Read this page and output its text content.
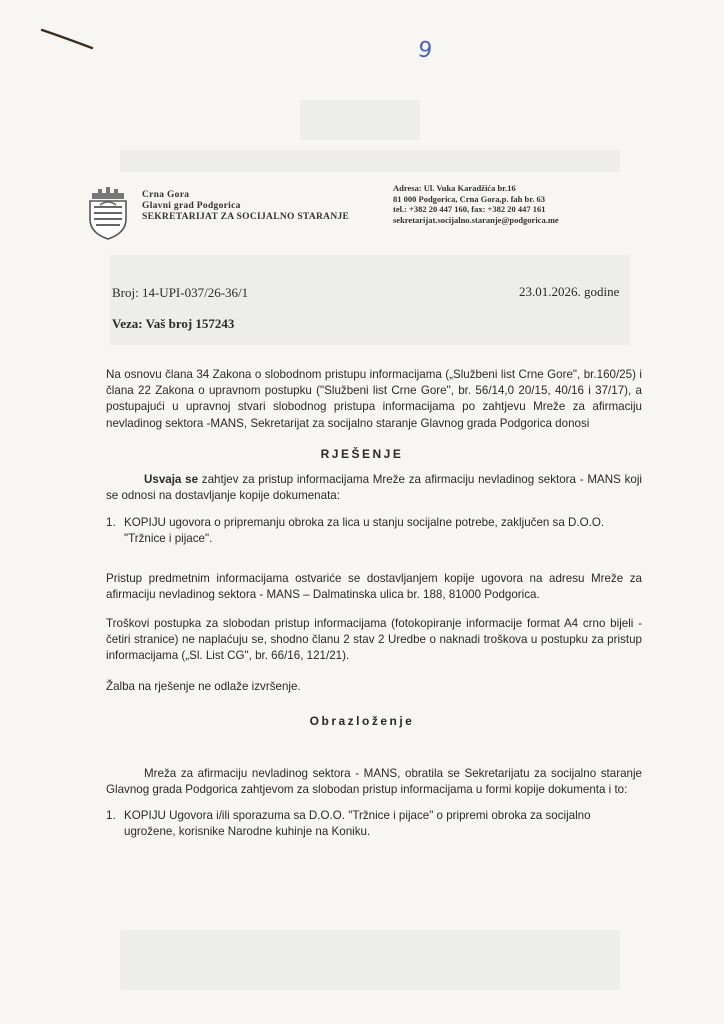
9
Crna Gora
Glavni grad Podgorica
SEKRETARIJAT ZA SOCIJALNO STARANJE
Adresa: Ul. Vuka Karadžića br.16
81 000 Podgorica, Crna Gora,p. fah br. 63
tel.: +382 20 447 160, fax: +382 20 447 161
sekretarijat.socijalno.staranje@podgorica.me
Broj: 14-UPI-037/26-36/1	23.01.2026. godine
Veza: Vaš broj 157243
Na osnovu člana 34 Zakona o slobodnom pristupu informacijama („Službeni list Crne Gore", br.160/25) i člana 22 Zakona o upravnom postupku ("Službeni list Crne Gore", br. 56/14,0 20/15, 40/16 i 37/17), a postupajući u upravnoj stvari slobodnog pristupa informacijama po zahtjevu Mreže za afirmaciju nevladinog sektora -MANS, Sekretarijat za socijalno staranje Glavnog grada Podgorica donosi
RJEŠENJE
Usvaja se zahtjev za pristup informacijama Mreže za afirmaciju nevladinog sektora - MANS koji se odnosi na dostavljanje kopije dokumenata:
1. KOPIJU ugovora o pripremanju obroka za lica u stanju socijalne potrebe, zaključen sa D.O.O. "Tržnice i pijace".
Pristup predmetnim informacijama ostvariće se dostavljanjem kopije ugovora na adresu Mreže za afirmaciju nevladinog sektora - MANS – Dalmatinska ulica br. 188, 81000 Podgorica.
Troškovi postupka za slobodan pristup informacijama (fotokopiranje informacije format A4 crno bijeli - četiri stranice) ne naplaćuju se, shodno članu 2 stav 2 Uredbe o naknadi troškova u postupku za pristup informacijama („Sl. List CG", br. 66/16, 121/21).
Žalba na rješenje ne odlaže izvršenje.
Obrazloženje
Mreža za afirmaciju nevladinog sektora - MANS, obratila se Sekretarijatu za socijalno staranje Glavnog grada Podgorica zahtjevom za slobodan pristup informacijama u formi kopije dokumenta i to:
1. KOPIJU Ugovora i/ili sporazuma sa D.O.O. "Tržnice i pijace" o pripremi obroka za socijalno ugrožene, korisnike Narodne kuhinje na Koniku.
